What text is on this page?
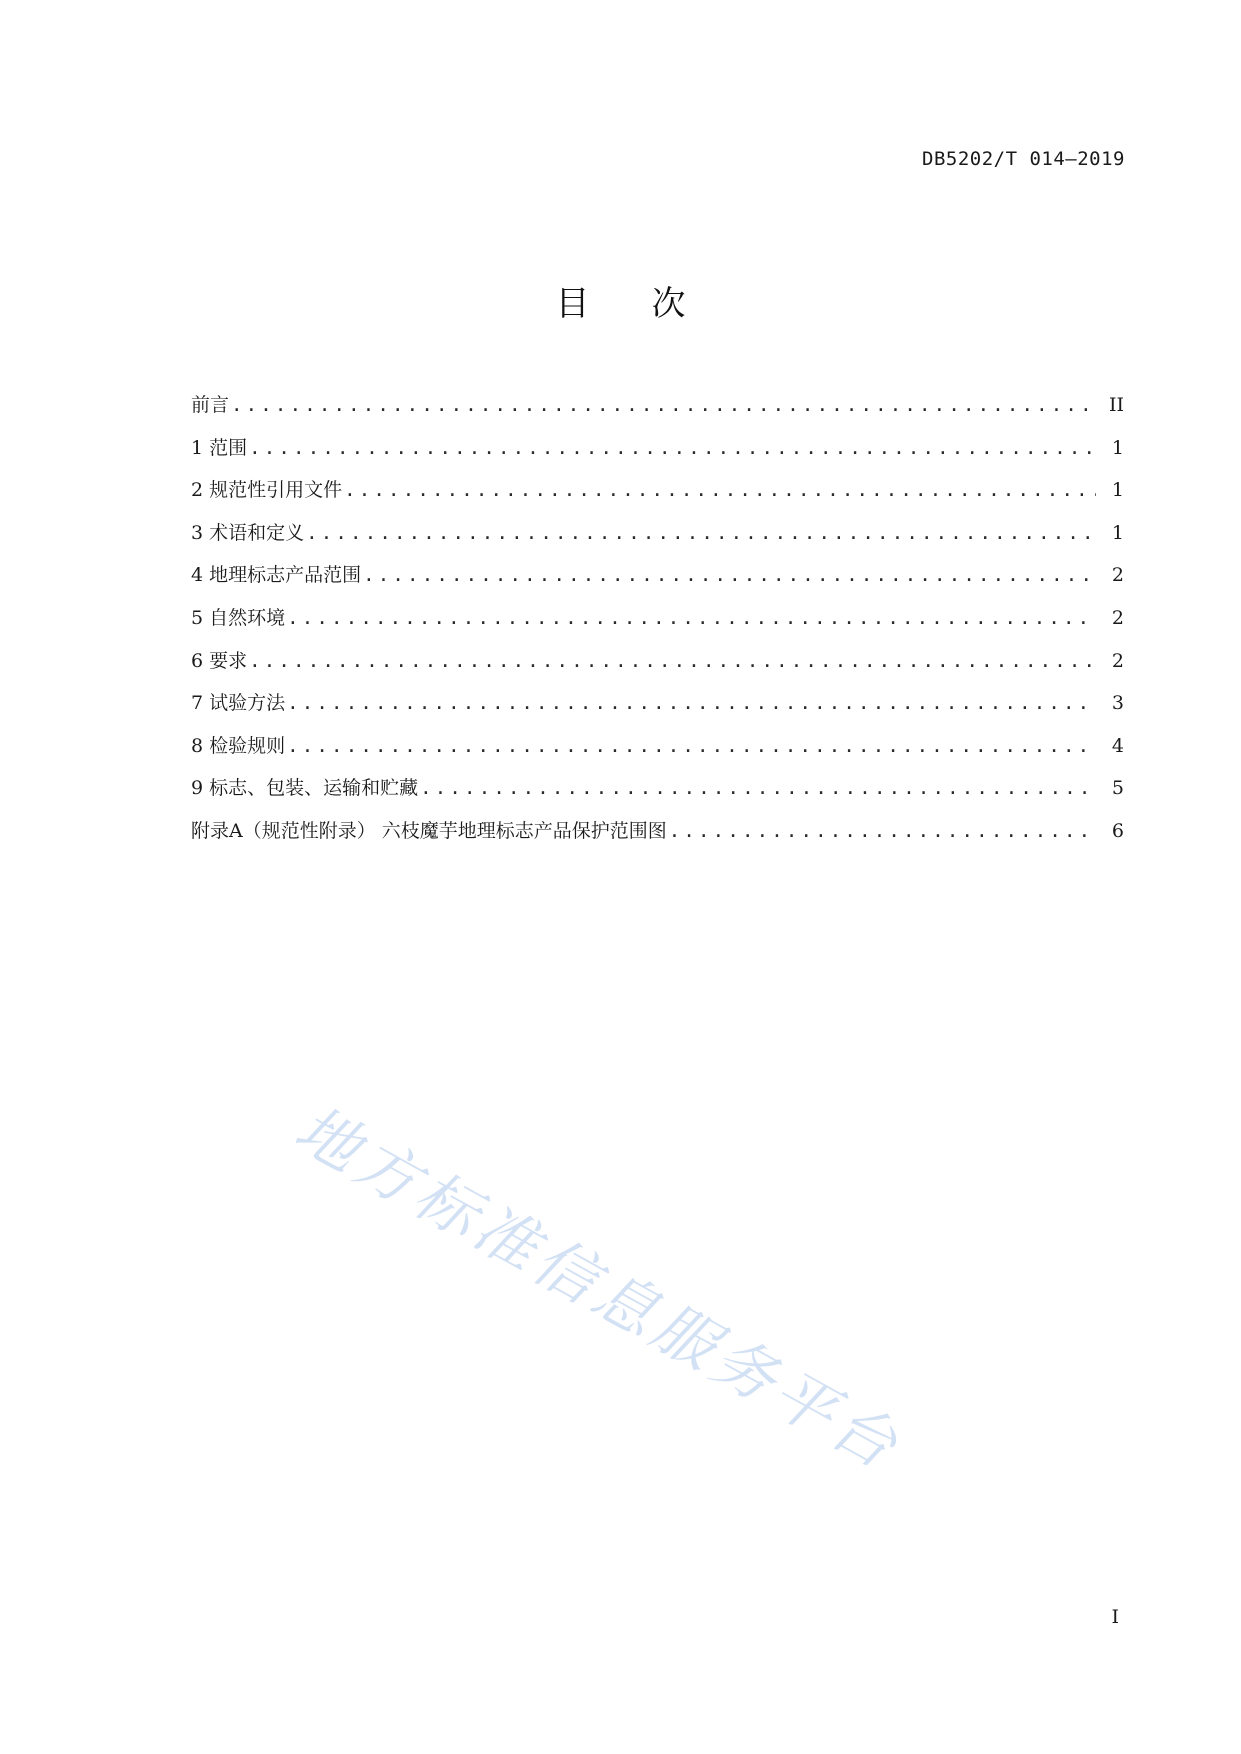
DB5202/T 014—2019
目次
前言 .....	II
1 范围 .....	1
2 规范性引用文件 .....	1
3 术语和定义 .....	1
4 地理标志产品范围 .....	2
5 自然环境 .....	2
6 要求 .....	2
7 试验方法 .....	3
8 检验规则 .....	4
9 标志、包装、运输和贮藏 .....	5
附录A（规范性附录） 六枝魔芋地理标志产品保护范围图 .....	6
地方标准信息服务平台
I
